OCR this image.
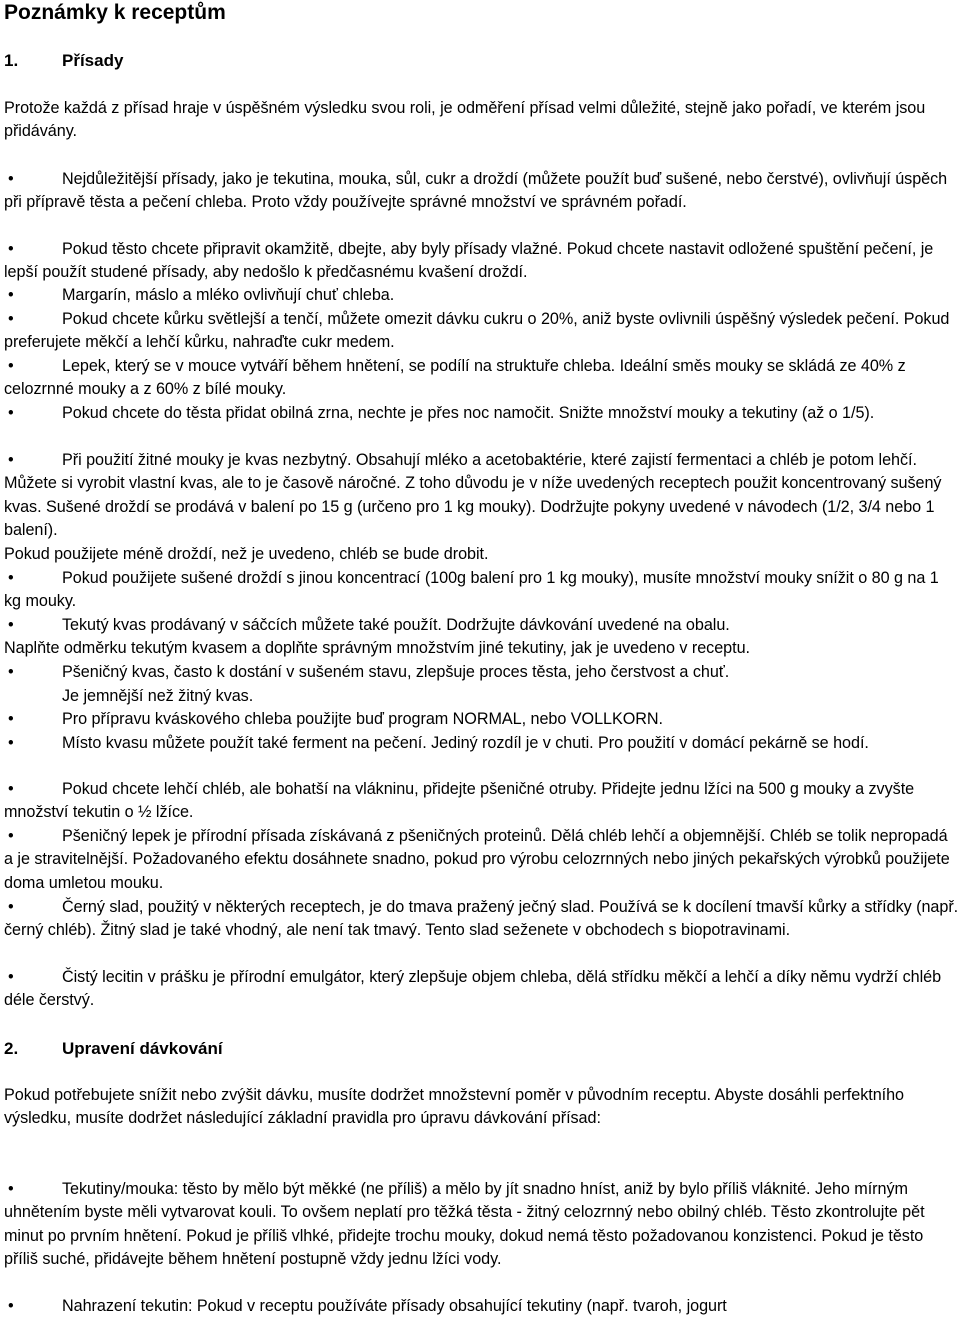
Poznámky k receptům
1.	Přísady
Protože každá z přísad hraje v úspěšném výsledku svou roli, je odměření přísad velmi důležité, stejně jako pořadí, ve kterém jsou přidávány.
•	Nejdůležitější přísady, jako je tekutina, mouka, sůl, cukr a droždí (můžete použít buď sušené, nebo čerstvé), ovlivňují úspěch při přípravě těsta a pečení chleba. Proto vždy používejte správné množství ve správném pořadí.
•	Pokud těsto chcete připravit okamžitě, dbejte, aby byly přísady vlažné. Pokud chcete nastavit odložené spuštění pečení, je lepší použít studené přísady, aby nedošlo k předčasnému kvašení droždí.
•	Margarín, máslo a mléko ovlivňují chuť chleba.
•	Pokud chcete kůrku světlejší a tenčí, můžete omezit dávku cukru o 20%, aniž byste ovlivnili úspěšný výsledek pečení. Pokud preferujete měkčí a lehčí kůrku, nahraďte cukr medem.
•	Lepek, který se v mouce vytváří během hnětení, se podílí na struktuře chleba. Ideální směs mouky se skládá ze 40% z celozrnné mouky a z 60% z bílé mouky.
•	Pokud chcete do těsta přidat obilná zrna, nechte je přes noc namočit. Snižte množství mouky a tekutiny (až o 1/5).
•	Při použití žitné mouky je kvas nezbytný. Obsahují mléko a acetobaktérie, které zajistí fermentaci a chléb je potom lehčí. Můžete si vyrobit vlastní kvas, ale to je časově náročné. Z toho důvodu je v níže uvedených receptech použit koncentrovaný sušený kvas. Sušené droždí se prodává v balení po 15 g (určeno pro 1 kg mouky). Dodržujte pokyny uvedené v návodech (1/2, 3/4 nebo 1 balení).
Pokud použijete méně droždí, než je uvedeno, chléb se bude drobit.
•	Pokud použijete sušené droždí s jinou koncentrací (100g balení pro 1 kg mouky), musíte množství mouky snížit o 80 g na 1 kg mouky.
•	Tekutý kvas prodávaný v sáčcích můžete také použít. Dodržujte dávkování uvedené na obalu.
Naplňte odměrku tekutým kvasem a doplňte správným množstvím jiné tekutiny, jak je uvedeno v receptu.
•	Pšeničný kvas, často k dostání v sušeném stavu, zlepšuje proces těsta, jeho čerstvost a chuť.
Je jemnější než žitný kvas.
•	Pro přípravu kváskového chleba použijte buď program NORMAL, nebo VOLLKORN.
•	Místo kvasu můžete použít také ferment na pečení. Jediný rozdíl je v chuti. Pro použití v domácí pekárně se hodí.
•	Pokud chcete lehčí chléb, ale bohatší na vlákninu, přidejte pšeničné otruby. Přidejte jednu lžíci na 500 g mouky a zvyšte množství tekutin o ½ lžíce.
•	Pšeničný lepek je přírodní přísada získávaná z pšeničných proteinů. Dělá chléb lehčí a objemnější. Chléb se tolik nepropadá a je stravitelnější. Požadovaného efektu dosáhnete snadno, pokud pro výrobu celozrnných nebo jiných pekařských výrobků použijete doma umletou mouku.
•	Černý slad, použitý v některých receptech, je do tmava pražený ječný slad. Používá se k docílení tmavší kůrky a střídky (např. černý chléb). Žitný slad je také vhodný, ale není tak tmavý. Tento slad seženete v obchodech s biopotravinami.
•	Čistý lecitin v prášku je přírodní emulgátor, který zlepšuje objem chleba, dělá střídku měkčí a lehčí a díky němu vydrží chléb déle čerstvý.
2.	Upravení dávkování
Pokud potřebujete snížit nebo zvýšit dávku, musíte dodržet množstevní poměr v původním receptu. Abyste dosáhli perfektního výsledku, musíte dodržet následující základní pravidla pro úpravu dávkování přísad:
•	Tekutiny/mouka: těsto by mělo být měkké (ne příliš) a mělo by jít snadno hníst, aniž by bylo příliš vláknité. Jeho mírným uhnětením byste měli vytvarovat kouli. To ovšem neplatí pro těžká těsta - žitný celozrnný nebo obilný chléb. Těsto zkontrolujte pět minut po prvním hnětení. Pokud je příliš vlhké, přidejte trochu mouky, dokud nemá těsto požadovanou konzistenci. Pokud je těsto příliš suché, přidávejte během hnětení postupně vždy jednu lžíci vody.
•	Nahrazení tekutin: Pokud v receptu používáte přísady obsahující tekutiny (např. tvaroh, jogurt
